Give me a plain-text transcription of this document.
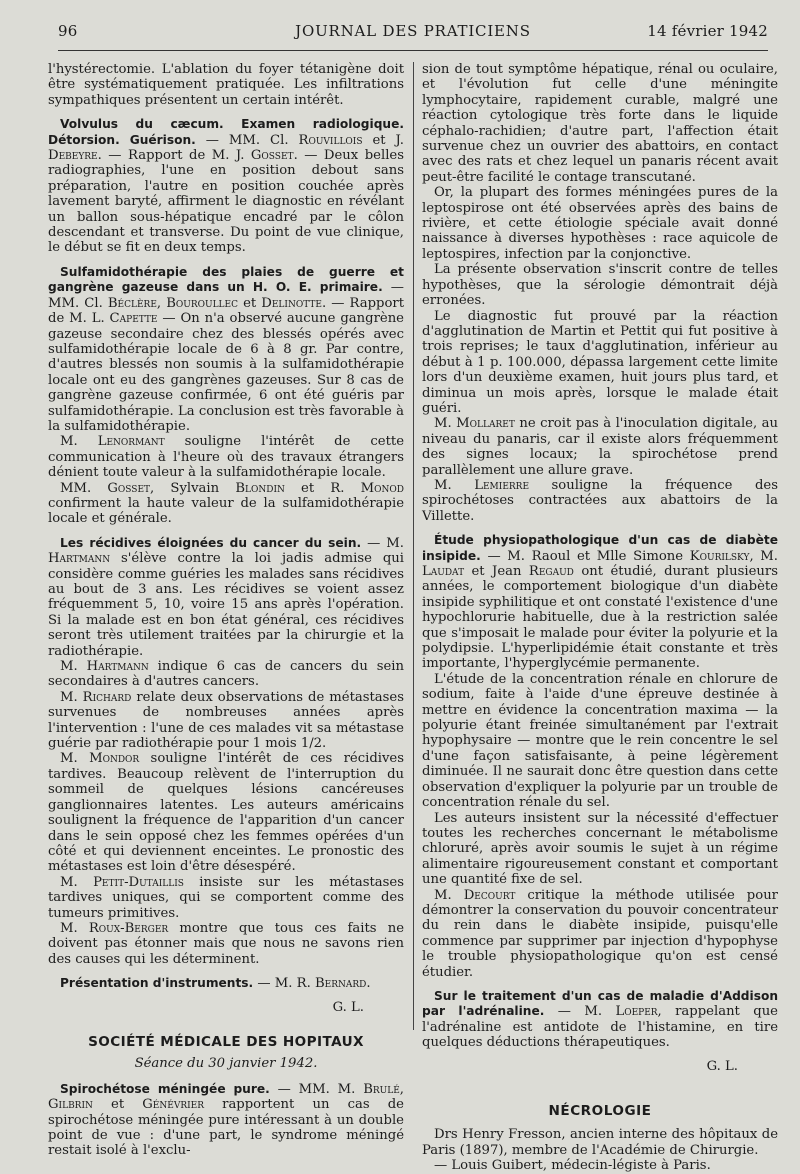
96	JOURNAL DES PRATICIENS	14 février 1942

l'hystérectomie. L'ablation du foyer tétanigène doit être systématiquement pratiquée. Les infiltrations sympathiques présentent un certain intérêt.

Volvulus du cæcum. Examen radiologique. Détorsion. Guérison. — MM. Cl. Rouvillois et J. Debeyre. — Rapport de M. J. Gosset. — Deux belles radiographies, l'une en position debout sans préparation, l'autre en position couchée après lavement baryté, affirment le diagnostic en révélant un ballon sous-hépatique encadré par le côlon descendant et transverse. Du point de vue clinique, le début se fit en deux temps.

Sulfamidothérapie des plaies de guerre et gangrène gazeuse dans un H. O. E. primaire. — MM. Cl. Béclère, Bouroullec et Delinotte. — Rapport de M. L. Capette — On n'a observé aucune gangrène gazeuse secondaire chez des blessés opérés avec sulfamidothérapie locale de 6 à 8 gr. Par contre, d'autres blessés non soumis à la sulfamidothérapie locale ont eu des gangrènes gazeuses. Sur 8 cas de gangrène gazeuse confirmée, 6 ont été guéris par sulfamidothérapie. La conclusion est très favorable à la sulfamidothérapie.

M. Lenormant souligne l'intérêt de cette communication à l'heure où des travaux étrangers dénient toute valeur à la sulfamidothérapie locale.

MM. Gosset, Sylvain Blondin et R. Monod confirment la haute valeur de la sulfamidothérapie locale et générale.

Les récidives éloignées du cancer du sein. — M. Hartmann s'élève contre la loi jadis admise qui considère comme guéries les malades sans récidives au bout de 3 ans. Les récidives se voient assez fréquemment 5, 10, voire 15 ans après l'opération. Si la malade est en bon état général, ces récidives seront très utilement traitées par la chirurgie et la radiothérapie.

M. Hartmann indique 6 cas de cancers du sein secondaires à d'autres cancers.

M. Richard relate deux observations de métastases survenues de nombreuses années après l'intervention : l'une de ces malades vit sa métastase guérie par radiothérapie pour 1 mois 1/2.

M. Mondor souligne l'intérêt de ces récidives tardives. Beaucoup relèvent de l'interruption du sommeil de quelques lésions cancéreuses ganglionnaires latentes. Les auteurs américains soulignent la fréquence de l'apparition d'un cancer dans le sein opposé chez les femmes opérées d'un côté et qui deviennent enceintes. Le pronostic des métastases est loin d'être désespéré.

M. Petit-Dutaillis insiste sur les métastases tardives uniques, qui se comportent comme des tumeurs primitives.

M. Roux-Berger montre que tous ces faits ne doivent pas étonner mais que nous ne savons rien des causes qui les déterminent.

Présentation d'instruments. — M. R. Bernard.

G. L.

SOCIÉTÉ MÉDICALE DES HOPITAUX
Séance du 30 janvier 1942.

Spirochétose méningée pure. — MM. M. Brulé, Gilbrin et Génévrier rapportent un cas de spirochétose méningée pure intéressant à un double point de vue : d'une part, le syndrome méningé restait isolé à l'exclu-

sion de tout symptôme hépatique, rénal ou oculaire, et l'évolution fut celle d'une méningite lymphocytaire, rapidement curable, malgré une réaction cytologique très forte dans le liquide céphalo-rachidien; d'autre part, l'affection était survenue chez un ouvrier des abattoirs, en contact avec des rats et chez lequel un panaris récent avait peut-être facilité le contage transcutané.

Or, la plupart des formes méningées pures de la leptospirose ont été observées après des bains de rivière, et cette étiologie spéciale avait donné naissance à diverses hypothèses : race aquicole de leptospires, infection par la conjonctive.

La présente observation s'inscrit contre de telles hypothèses, que la sérologie démontrait déjà erronées.

Le diagnostic fut prouvé par la réaction d'agglutination de Martin et Pettit qui fut positive à trois reprises; le taux d'agglutination, inférieur au début à 1 p. 100.000, dépassa largement cette limite lors d'un deuxième examen, huit jours plus tard, et diminua un mois après, lorsque le malade était guéri.

M. Mollaret ne croit pas à l'inoculation digitale, au niveau du panaris, car il existe alors fréquemment des signes locaux; la spirochétose prend parallèlement une allure grave.

M. Lemierre souligne la fréquence des spirochétoses contractées aux abattoirs de la Villette.

Étude physiopathologique d'un cas de diabète insipide. — M. Raoul et Mlle Simone Kourilsky, M. Laudat et Jean Regaud ont étudié, durant plusieurs années, le comportement biologique d'un diabète insipide syphilitique et ont constaté l'existence d'une hypochlorurie habituelle, due à la restriction salée que s'imposait le malade pour éviter la polyurie et la polydipsie. L'hyperlipidémie était constante et très importante, l'hyperglycémie permanente.

L'étude de la concentration rénale en chlorure de sodium, faite à l'aide d'une épreuve destinée à mettre en évidence la concentration maxima — la polyurie étant freinée simultanément par l'extrait hypophysaire — montre que le rein concentre le sel d'une façon satisfaisante, à peine légèrement diminuée. Il ne saurait donc être question dans cette observation d'expliquer la polyurie par un trouble de concentration rénale du sel.

Les auteurs insistent sur la nécessité d'effectuer toutes les recherches concernant le métabolisme chloruré, après avoir soumis le sujet à un régime alimentaire rigoureusement constant et comportant une quantité fixe de sel.

M. Decourt critique la méthode utilisée pour démontrer la conservation du pouvoir concentrateur du rein dans le diabète insipide, puisqu'elle commence par supprimer par injection d'hypophyse le trouble physiopathologique qu'on est censé étudier.

Sur le traitement d'un cas de maladie d'Addison par l'adrénaline. — M. Loeper, rappelant que l'adrénaline est antidote de l'histamine, en tire quelques déductions thérapeutiques.

G. L.

NÉCROLOGIE

Drs Henry Fresson, ancien interne des hôpitaux de Paris (1897), membre de l'Académie de Chirurgie.

— Louis Guibert, médecin-légiste à Paris.
